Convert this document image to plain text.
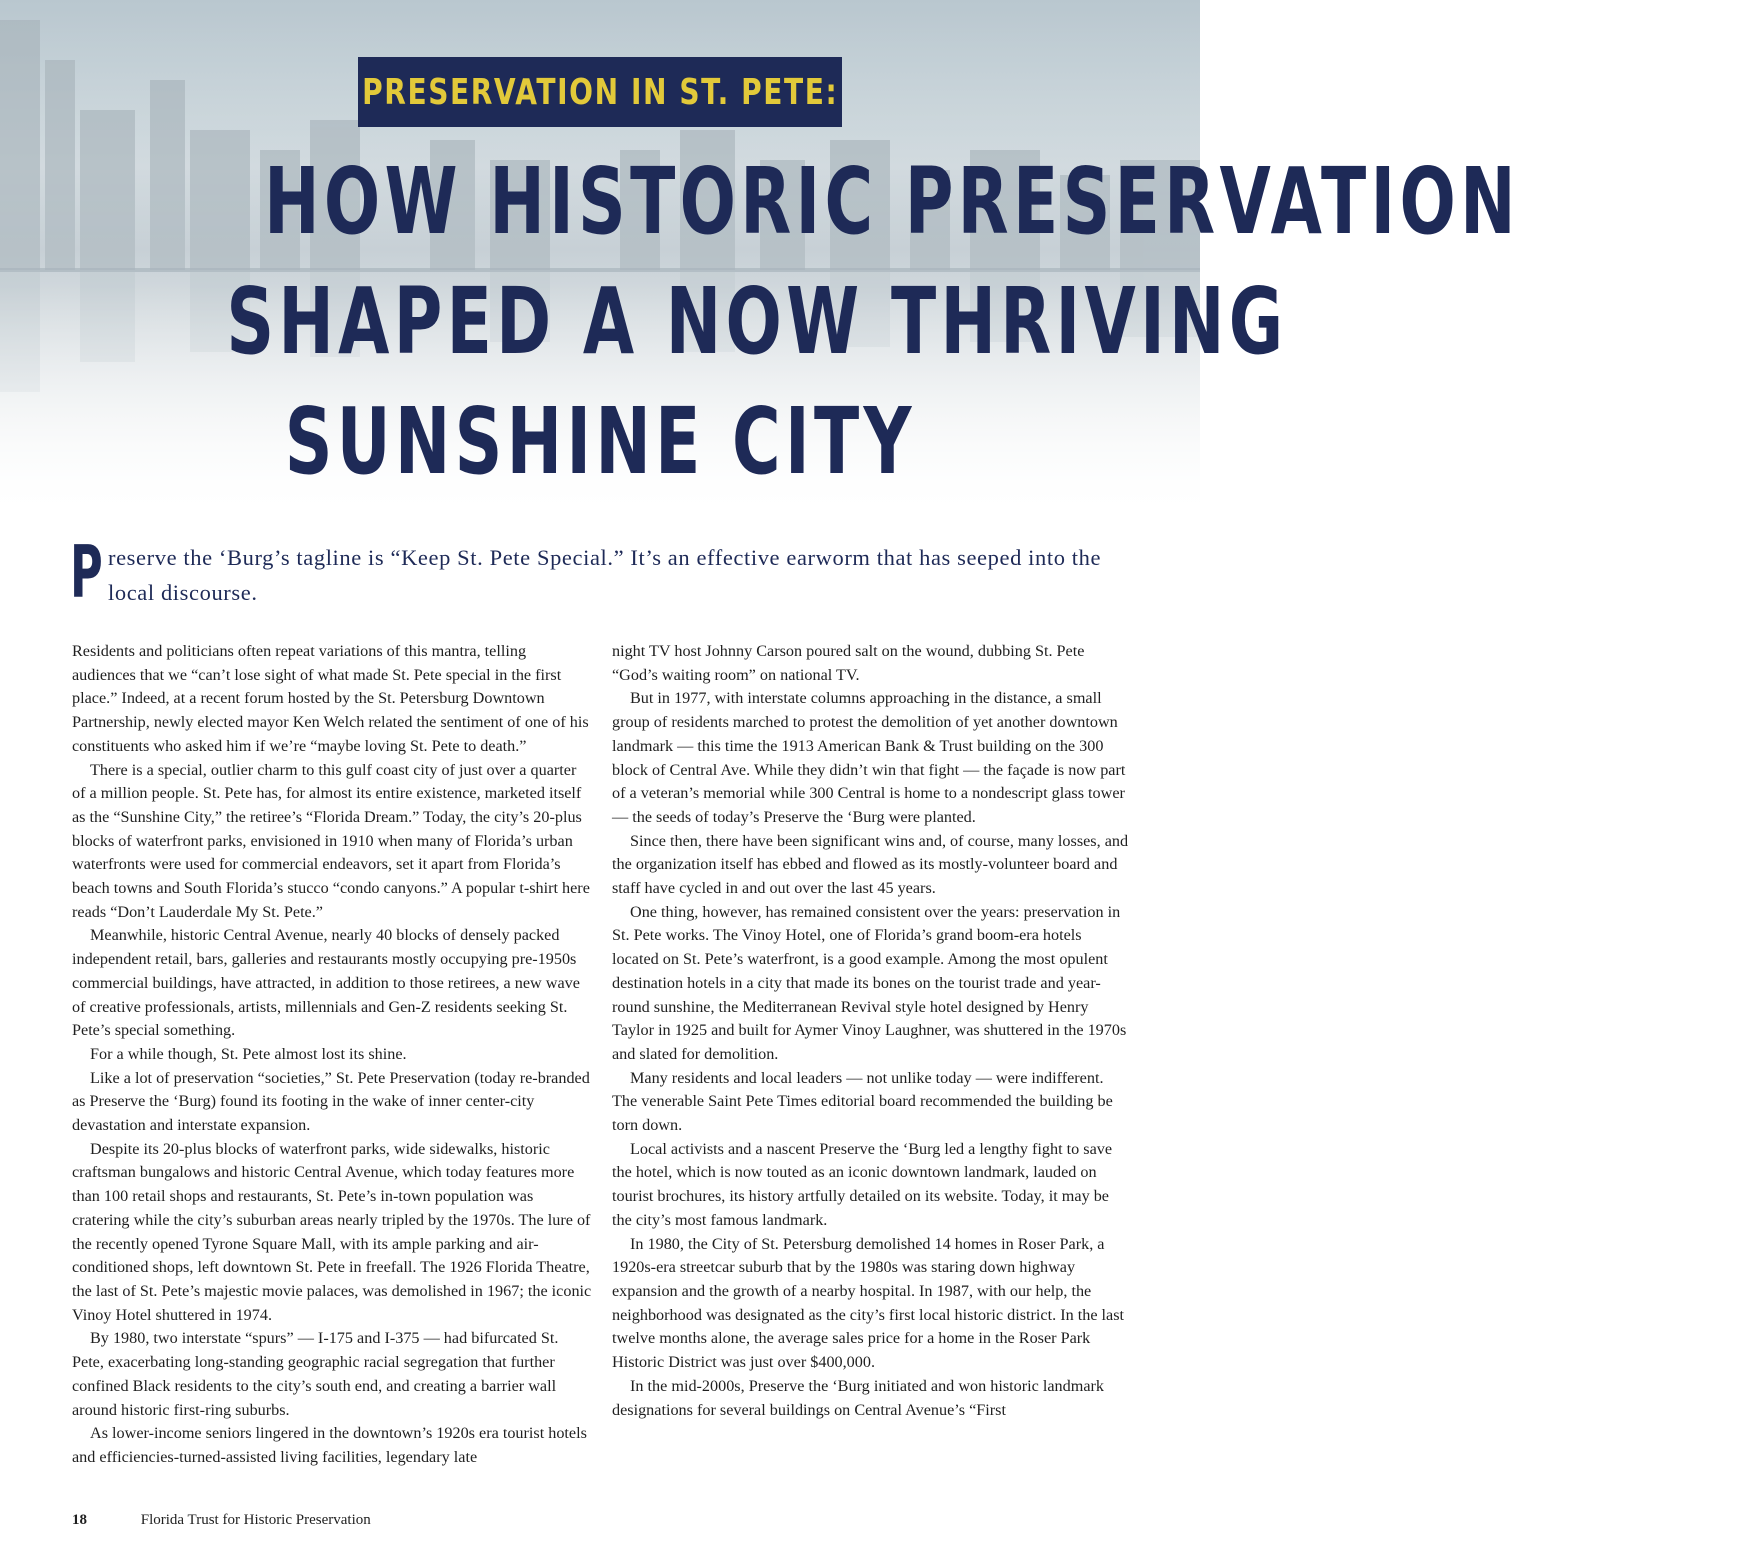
PRESERVATION IN ST. PETE:
HOW HISTORIC PRESERVATION
SHAPED A NOW THRIVING
SUNSHINE CITY
P reserve the ‘Burg’s tagline is “Keep St. Pete Special.” It’s an effective earworm that has seeped into the local discourse.

Residents and politicians often repeat variations of this mantra, telling audiences that we “can’t lose sight of what made St. Pete special in the first place.” Indeed, at a recent forum hosted by the St. Petersburg Downtown Partnership, newly elected mayor Ken Welch related the sentiment of one of his constituents who asked him if we’re “maybe loving St. Pete to death.”

There is a special, outlier charm to this gulf coast city of just over a quarter of a million people. St. Pete has, for almost its entire existence, marketed itself as the “Sunshine City,” the retiree’s “Florida Dream.” Today, the city’s 20-plus blocks of waterfront parks, envisioned in 1910 when many of Florida’s urban waterfronts were used for commercial endeavors, set it apart from Florida’s beach towns and South Florida’s stucco “condo canyons.” A popular t-shirt here reads “Don’t Lauderdale My St. Pete.”

Meanwhile, historic Central Avenue, nearly 40 blocks of densely packed independent retail, bars, galleries and restaurants mostly occupying pre-1950s commercial buildings, have attracted, in addition to those retirees, a new wave of creative professionals, artists, millennials and Gen-Z residents seeking St. Pete’s special something.

For a while though, St. Pete almost lost its shine.

Like a lot of preservation “societies,” St. Pete Preservation (today re-branded as Preserve the ‘Burg) found its footing in the wake of inner center-city devastation and interstate expansion.

Despite its 20-plus blocks of waterfront parks, wide sidewalks, historic craftsman bungalows and historic Central Avenue, which today features more than 100 retail shops and restaurants, St. Pete’s in-town population was cratering while the city’s suburban areas nearly tripled by the 1970s. The lure of the recently opened Tyrone Square Mall, with its ample parking and air-conditioned shops, left downtown St. Pete in freefall. The 1926 Florida Theatre, the last of St. Pete’s majestic movie palaces, was demolished in 1967; the iconic Vinoy Hotel shuttered in 1974.

By 1980, two interstate “spurs” — I-175 and I-375 — had bifurcated St. Pete, exacerbating long-standing geographic racial segregation that further confined Black residents to the city’s south end, and creating a barrier wall around historic first-ring suburbs.

As lower-income seniors lingered in the downtown’s 1920s era tourist hotels and efficiencies-turned-assisted living facilities, legendary late

night TV host Johnny Carson poured salt on the wound, dubbing St. Pete “God’s waiting room” on national TV.

But in 1977, with interstate columns approaching in the distance, a small group of residents marched to protest the demolition of yet another downtown landmark — this time the 1913 American Bank & Trust building on the 300 block of Central Ave. While they didn’t win that fight — the façade is now part of a veteran’s memorial while 300 Central is home to a nondescript glass tower — the seeds of today’s Preserve the ‘Burg were planted.

Since then, there have been significant wins and, of course, many losses, and the organization itself has ebbed and flowed as its mostly-volunteer board and staff have cycled in and out over the last 45 years.

One thing, however, has remained consistent over the years: preservation in St. Pete works. The Vinoy Hotel, one of Florida’s grand boom-era hotels located on St. Pete’s waterfront, is a good example. Among the most opulent destination hotels in a city that made its bones on the tourist trade and year-round sunshine, the Mediterranean Revival style hotel designed by Henry Taylor in 1925 and built for Aymer Vinoy Laughner, was shuttered in the 1970s and slated for demolition.

Many residents and local leaders — not unlike today — were indifferent. The venerable Saint Pete Times editorial board recommended the building be torn down.

Local activists and a nascent Preserve the ‘Burg led a lengthy fight to save the hotel, which is now touted as an iconic downtown landmark, lauded on tourist brochures, its history artfully detailed on its website. Today, it may be the city’s most famous landmark.

In 1980, the City of St. Petersburg demolished 14 homes in Roser Park, a 1920s-era streetcar suburb that by the 1980s was staring down highway expansion and the growth of a nearby hospital. In 1987, with our help, the neighborhood was designated as the city’s first local historic district. In the last twelve months alone, the average sales price for a home in the Roser Park Historic District was just over $400,000.

In the mid-2000s, Preserve the ‘Burg initiated and won historic landmark designations for several buildings on Central Avenue’s “First

18	Florida Trust for Historic Preservation
